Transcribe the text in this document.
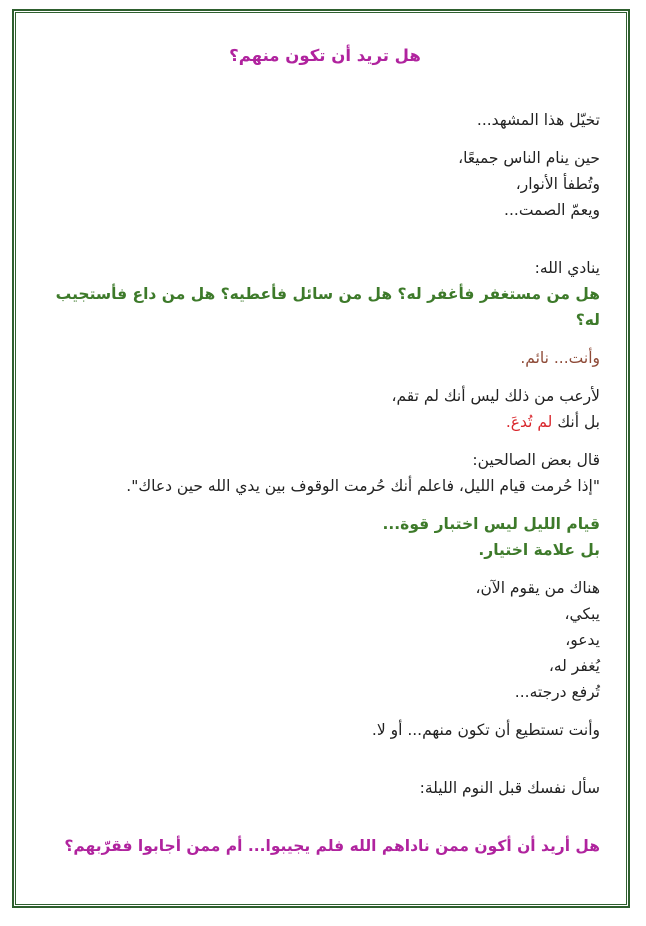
هل تريد أن تكون منهم؟
تخيّل هذا المشهد...
حين ينام الناس جميعًا،
وتُطفأ الأنوار،
ويعمّ الصمت...
ينادي الله:
هل من مستغفر فأغفر له؟ هل من سائل فأعطيه؟ هل من داع فأستجيب له؟
وأنت... نائم.
لأرعب من ذلك ليس أنك لم تقم،
بل أنك لم تُدعَ.
قال بعض الصالحين:
"إذا حُرمت قيام الليل، فاعلم أنك حُرمت الوقوف بين يدي الله حين دعاك".
قيام الليل ليس اختبار قوة...
بل علامة اختيار.
هناك من يقوم الآن،
يبكي،
يدعو،
يُغفر له،
تُرفع درجته...
وأنت تستطيع أن تكون منهم... أو لا.
سأل نفسك قبل النوم الليلة:
هل أريد أن أكون ممن ناداهم الله فلم يجيبوا... أم ممن أجابوا فقرّبهم؟
